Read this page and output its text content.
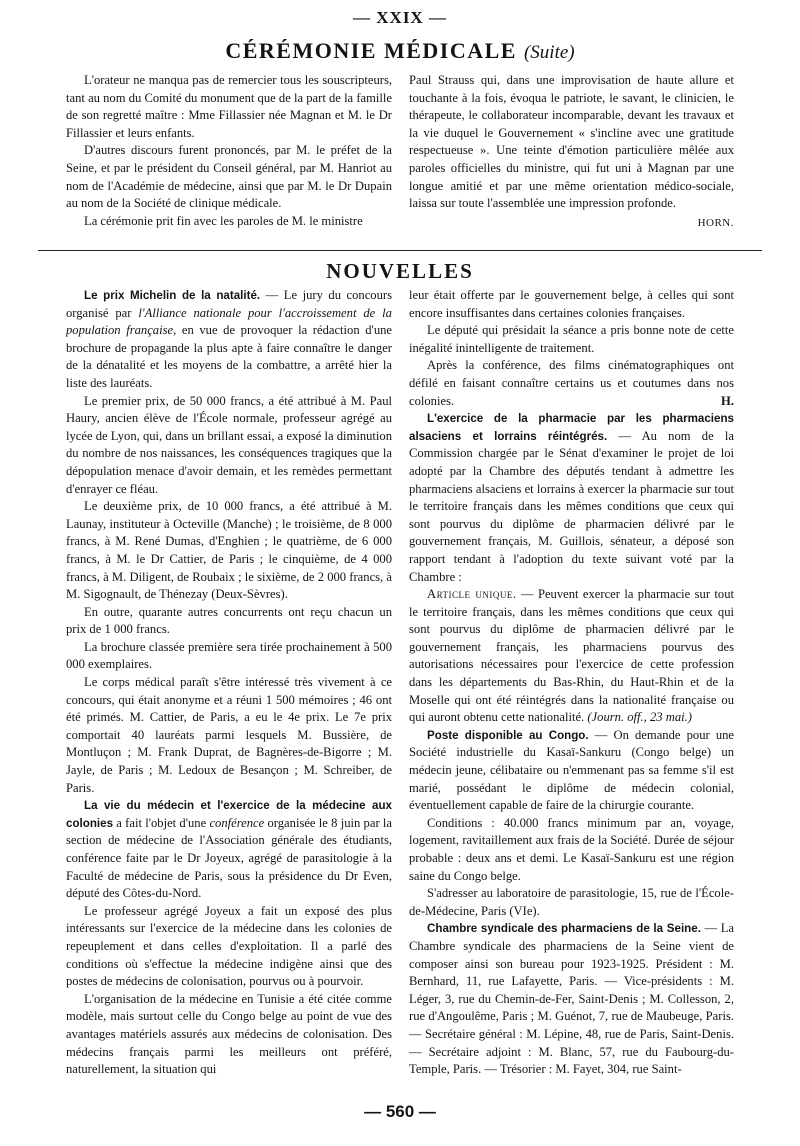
— XXIX —
CÉRÉMONIE MÉDICALE (Suite)

L'orateur ne manqua pas de remercier tous les souscripteurs, tant au nom du Comité du monument que de la part de la famille de son regretté maître : Mme Fillassier née Magnan et M. le Dr Fillassier et leurs enfants.

D'autres discours furent prononcés, par M. le préfet de la Seine, et par le président du Conseil général, par M. Hanriot au nom de l'Académie de médecine, ainsi que par M. le Dr Dupain au nom de la Société de clinique médicale.

La cérémonie prit fin avec les paroles de M. le ministre

Paul Strauss qui, dans une improvisation de haute allure et touchante à la fois, évoqua le patriote, le savant, le clinicien, le thérapeute, le collaborateur incomparable, devant les travaux et la vie duquel le Gouvernement « s'incline avec une gratitude respectueuse ». Une teinte d'émotion particulière mêlée aux paroles officielles du ministre, qui fut uni à Magnan par une longue amitié et par une même orientation médico-sociale, laissa sur toute l'assemblée une impression profonde.

HORN.
NOUVELLES

Le prix Michelin de la natalité. — Le jury du concours organisé par l'Alliance nationale pour l'accroissement de la population française, en vue de provoquer la rédaction d'une brochure de propagande la plus apte à faire connaître le danger de la dénatalité et les moyens de la combattre, a arrêté hier la liste des lauréats.

Le premier prix, de 50 000 francs, a été attribué à M. Paul Haury, ancien élève de l'École normale, professeur agrégé au lycée de Lyon, qui, dans un brillant essai, a exposé la diminution du nombre de nos naissances, les conséquences tragiques que la dépopulation menace d'avoir demain, et les remèdes permettant d'enrayer ce fléau.

Le deuxième prix, de 10 000 francs, a été attribué à M. Launay, instituteur à Octeville (Manche) ; le troisième, de 8 000 francs, à M. René Dumas, d'Enghien ; le quatrième, de 6 000 francs, à M. le Dr Cattier, de Paris ; le cinquième, de 4 000 francs, à M. Diligent, de Roubaix ; le sixième, de 2 000 francs, à M. Sigognault, de Thénezay (Deux-Sèvres).

En outre, quarante autres concurrents ont reçu chacun un prix de 1 000 francs.

La brochure classée première sera tirée prochainement à 500 000 exemplaires.

Le corps médical paraît s'être intéressé très vivement à ce concours, qui était anonyme et a réuni 1 500 mémoires ; 46 ont été primés. M. Cattier, de Paris, a eu le 4e prix. Le 7e prix comportait 40 lauréats parmi lesquels M. Bussière, de Montluçon ; M. Frank Duprat, de Bagnères-de-Bigorre ; M. Jayle, de Paris ; M. Ledoux de Besançon ; M. Schreiber, de Paris.

La vie du médecin et l'exercice de la médecine aux colonies a fait l'objet d'une conférence organisée le 8 juin par la section de médecine de l'Association générale des étudiants, conférence faite par le Dr Joyeux, agrégé de parasitologie à la Faculté de médecine de Paris, sous la présidence du Dr Even, député des Côtes-du-Nord.

Le professeur agrégé Joyeux a fait un exposé des plus intéressants sur l'exercice de la médecine dans les colonies de repeuplement et dans celles d'exploitation. Il a parlé des conditions où s'effectue la médecine indigène ainsi que des postes de médecins de colonisation, pourvus ou à pourvoir.

L'organisation de la médecine en Tunisie a été citée comme modèle, mais surtout celle du Congo belge au point de vue des avantages matériels assurés aux médecins de colonisation. Des médecins français parmi les meilleurs ont préféré, naturellement, la situation qui

leur était offerte par le gouvernement belge, à celles qui sont encore insuffisantes dans certaines colonies françaises.

Le député qui présidait la séance a pris bonne note de cette inégalité inintelligente de traitement.

Après la conférence, des films cinématographiques ont défilé en faisant connaître certains us et coutumes dans nos colonies.	H.

L'exercice de la pharmacie par les pharmaciens alsaciens et lorrains réintégrés. — Au nom de la Commission chargée par le Sénat d'examiner le projet de loi adopté par la Chambre des députés tendant à admettre les pharmaciens alsaciens et lorrains à exercer la pharmacie sur tout le territoire français dans les mêmes conditions que ceux qui sont pourvus du diplôme de pharmacien délivré par le gouvernement français, M. Guillois, sénateur, a déposé son rapport tendant à l'adoption du texte suivant voté par la Chambre :

Article unique. — Peuvent exercer la pharmacie sur tout le territoire français, dans les mêmes conditions que ceux qui sont pourvus du diplôme de pharmacien délivré par le gouvernement français, les pharmaciens pourvus des autorisations nécessaires pour l'exercice de cette profession dans les départements du Bas-Rhin, du Haut-Rhin et de la Moselle qui ont été réintégrés dans la nationalité française ou qui auront obtenu cette nationalité. (Journ. off., 23 mai.)

Poste disponible au Congo. — On demande pour une Société industrielle du Kasaï-Sankuru (Congo belge) un médecin jeune, célibataire ou n'emmenant pas sa femme s'il est marié, possédant le diplôme de médecin colonial, éventuellement capable de faire de la chirurgie courante.

Conditions : 40.000 francs minimum par an, voyage, logement, ravitaillement aux frais de la Société. Durée de séjour probable : deux ans et demi. Le Kasaï-Sankuru est une région saine du Congo belge.

S'adresser au laboratoire de parasitologie, 15, rue de l'École-de-Médecine, Paris (VIe).

Chambre syndicale des pharmaciens de la Seine. — La Chambre syndicale des pharmaciens de la Seine vient de composer ainsi son bureau pour 1923-1925. Président : M. Bernhard, 11, rue Lafayette, Paris. — Vice-présidents : M. Léger, 3, rue du Chemin-de-Fer, Saint-Denis ; M. Collesson, 2, rue d'Angoulême, Paris ; M. Guénot, 7, rue de Maubeuge, Paris. — Secrétaire général : M. Lépine, 48, rue de Paris, Saint-Denis. — Secrétaire adjoint : M. Blanc, 57, rue du Faubourg-du-Temple, Paris. — Trésorier : M. Fayet, 304, rue Saint-

— 560 —
